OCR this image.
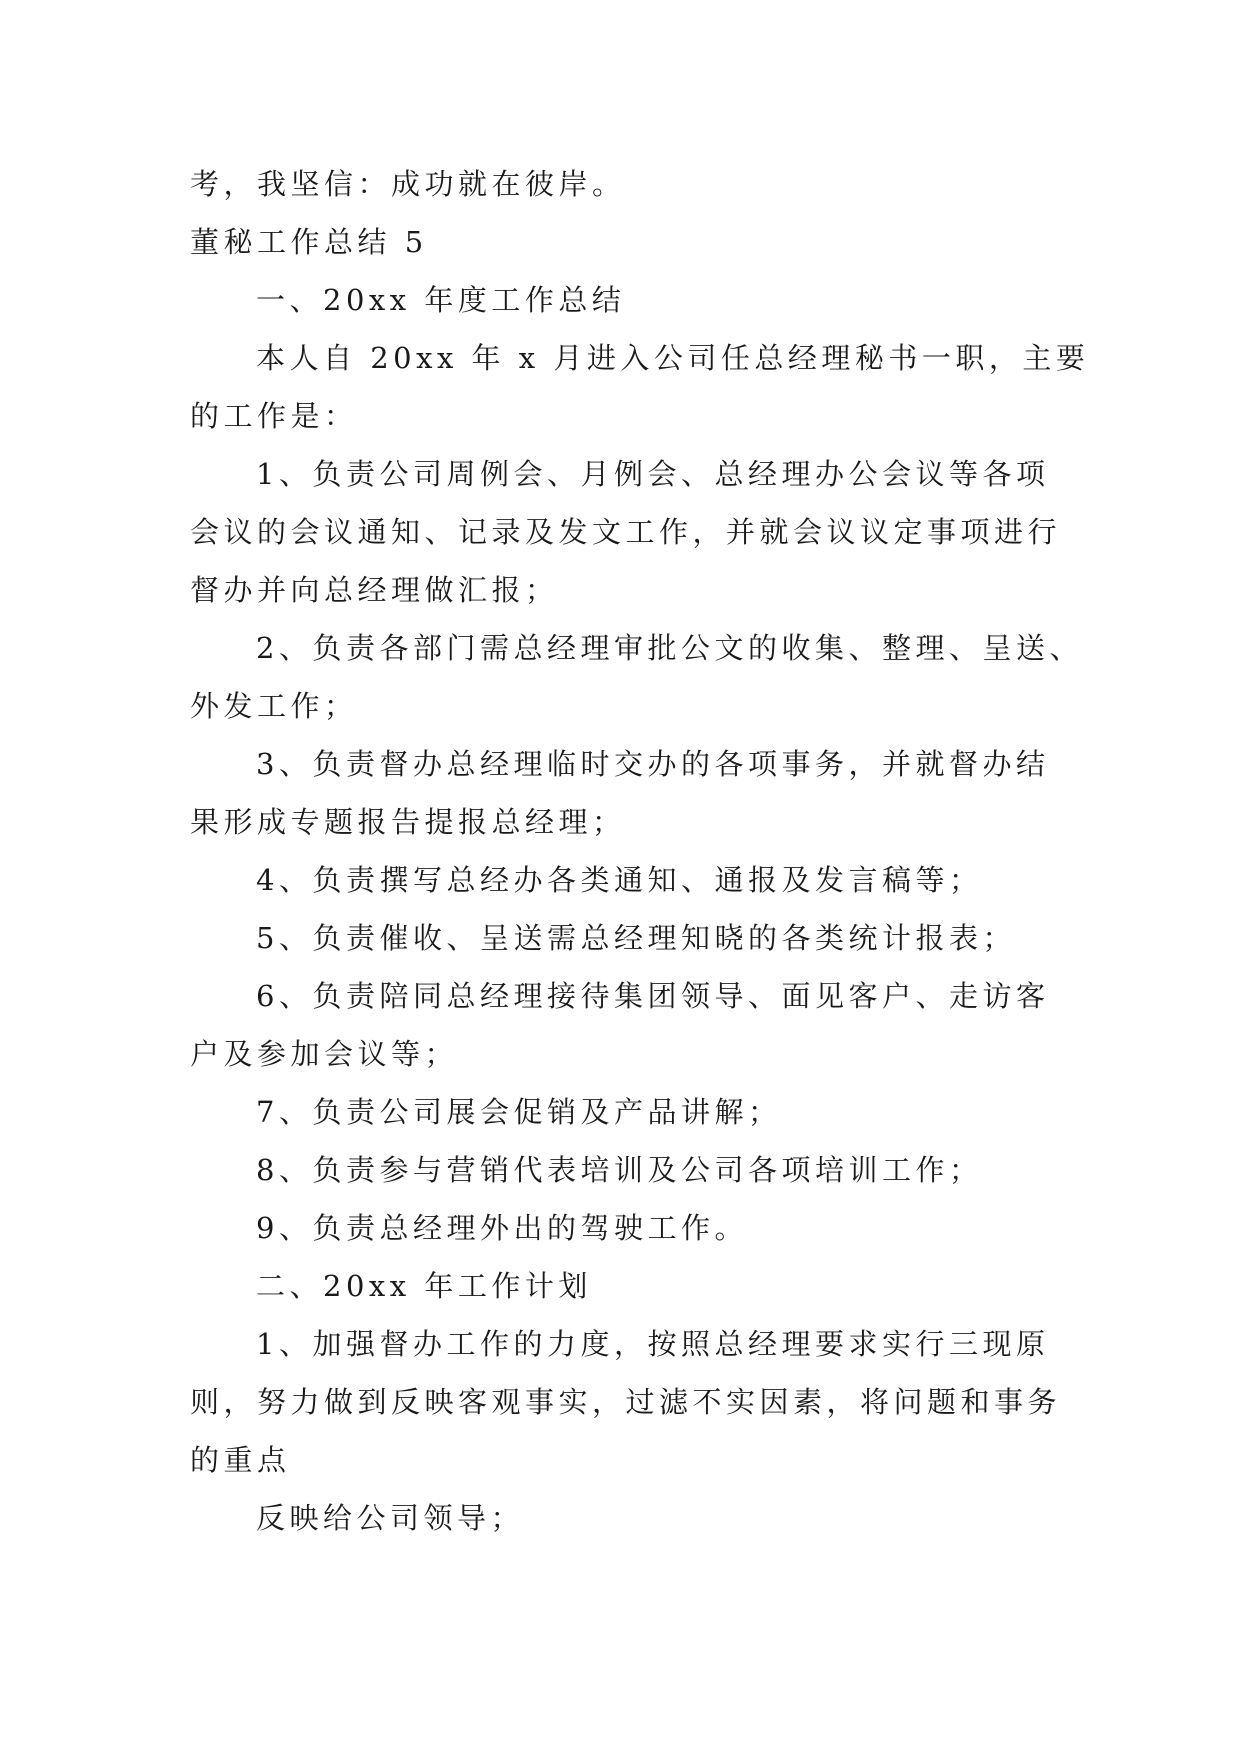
考，我坚信：成功就在彼岸。
董秘工作总结 5
一、20xx 年度工作总结
本人自 20xx 年 x 月进入公司任总经理秘书一职，主要
的工作是：
1、负责公司周例会、月例会、总经理办公会议等各项
会议的会议通知、记录及发文工作，并就会议议定事项进行
督办并向总经理做汇报；
2、负责各部门需总经理审批公文的收集、整理、呈送、
外发工作；
3、负责督办总经理临时交办的各项事务，并就督办结
果形成专题报告提报总经理；
4、负责撰写总经办各类通知、通报及发言稿等；
5、负责催收、呈送需总经理知晓的各类统计报表；
6、负责陪同总经理接待集团领导、面见客户、走访客
户及参加会议等；
7、负责公司展会促销及产品讲解；
8、负责参与营销代表培训及公司各项培训工作；
9、负责总经理外出的驾驶工作。
二、20xx 年工作计划
1、加强督办工作的力度，按照总经理要求实行三现原
则，努力做到反映客观事实，过滤不实因素，将问题和事务
的重点
反映给公司领导；
